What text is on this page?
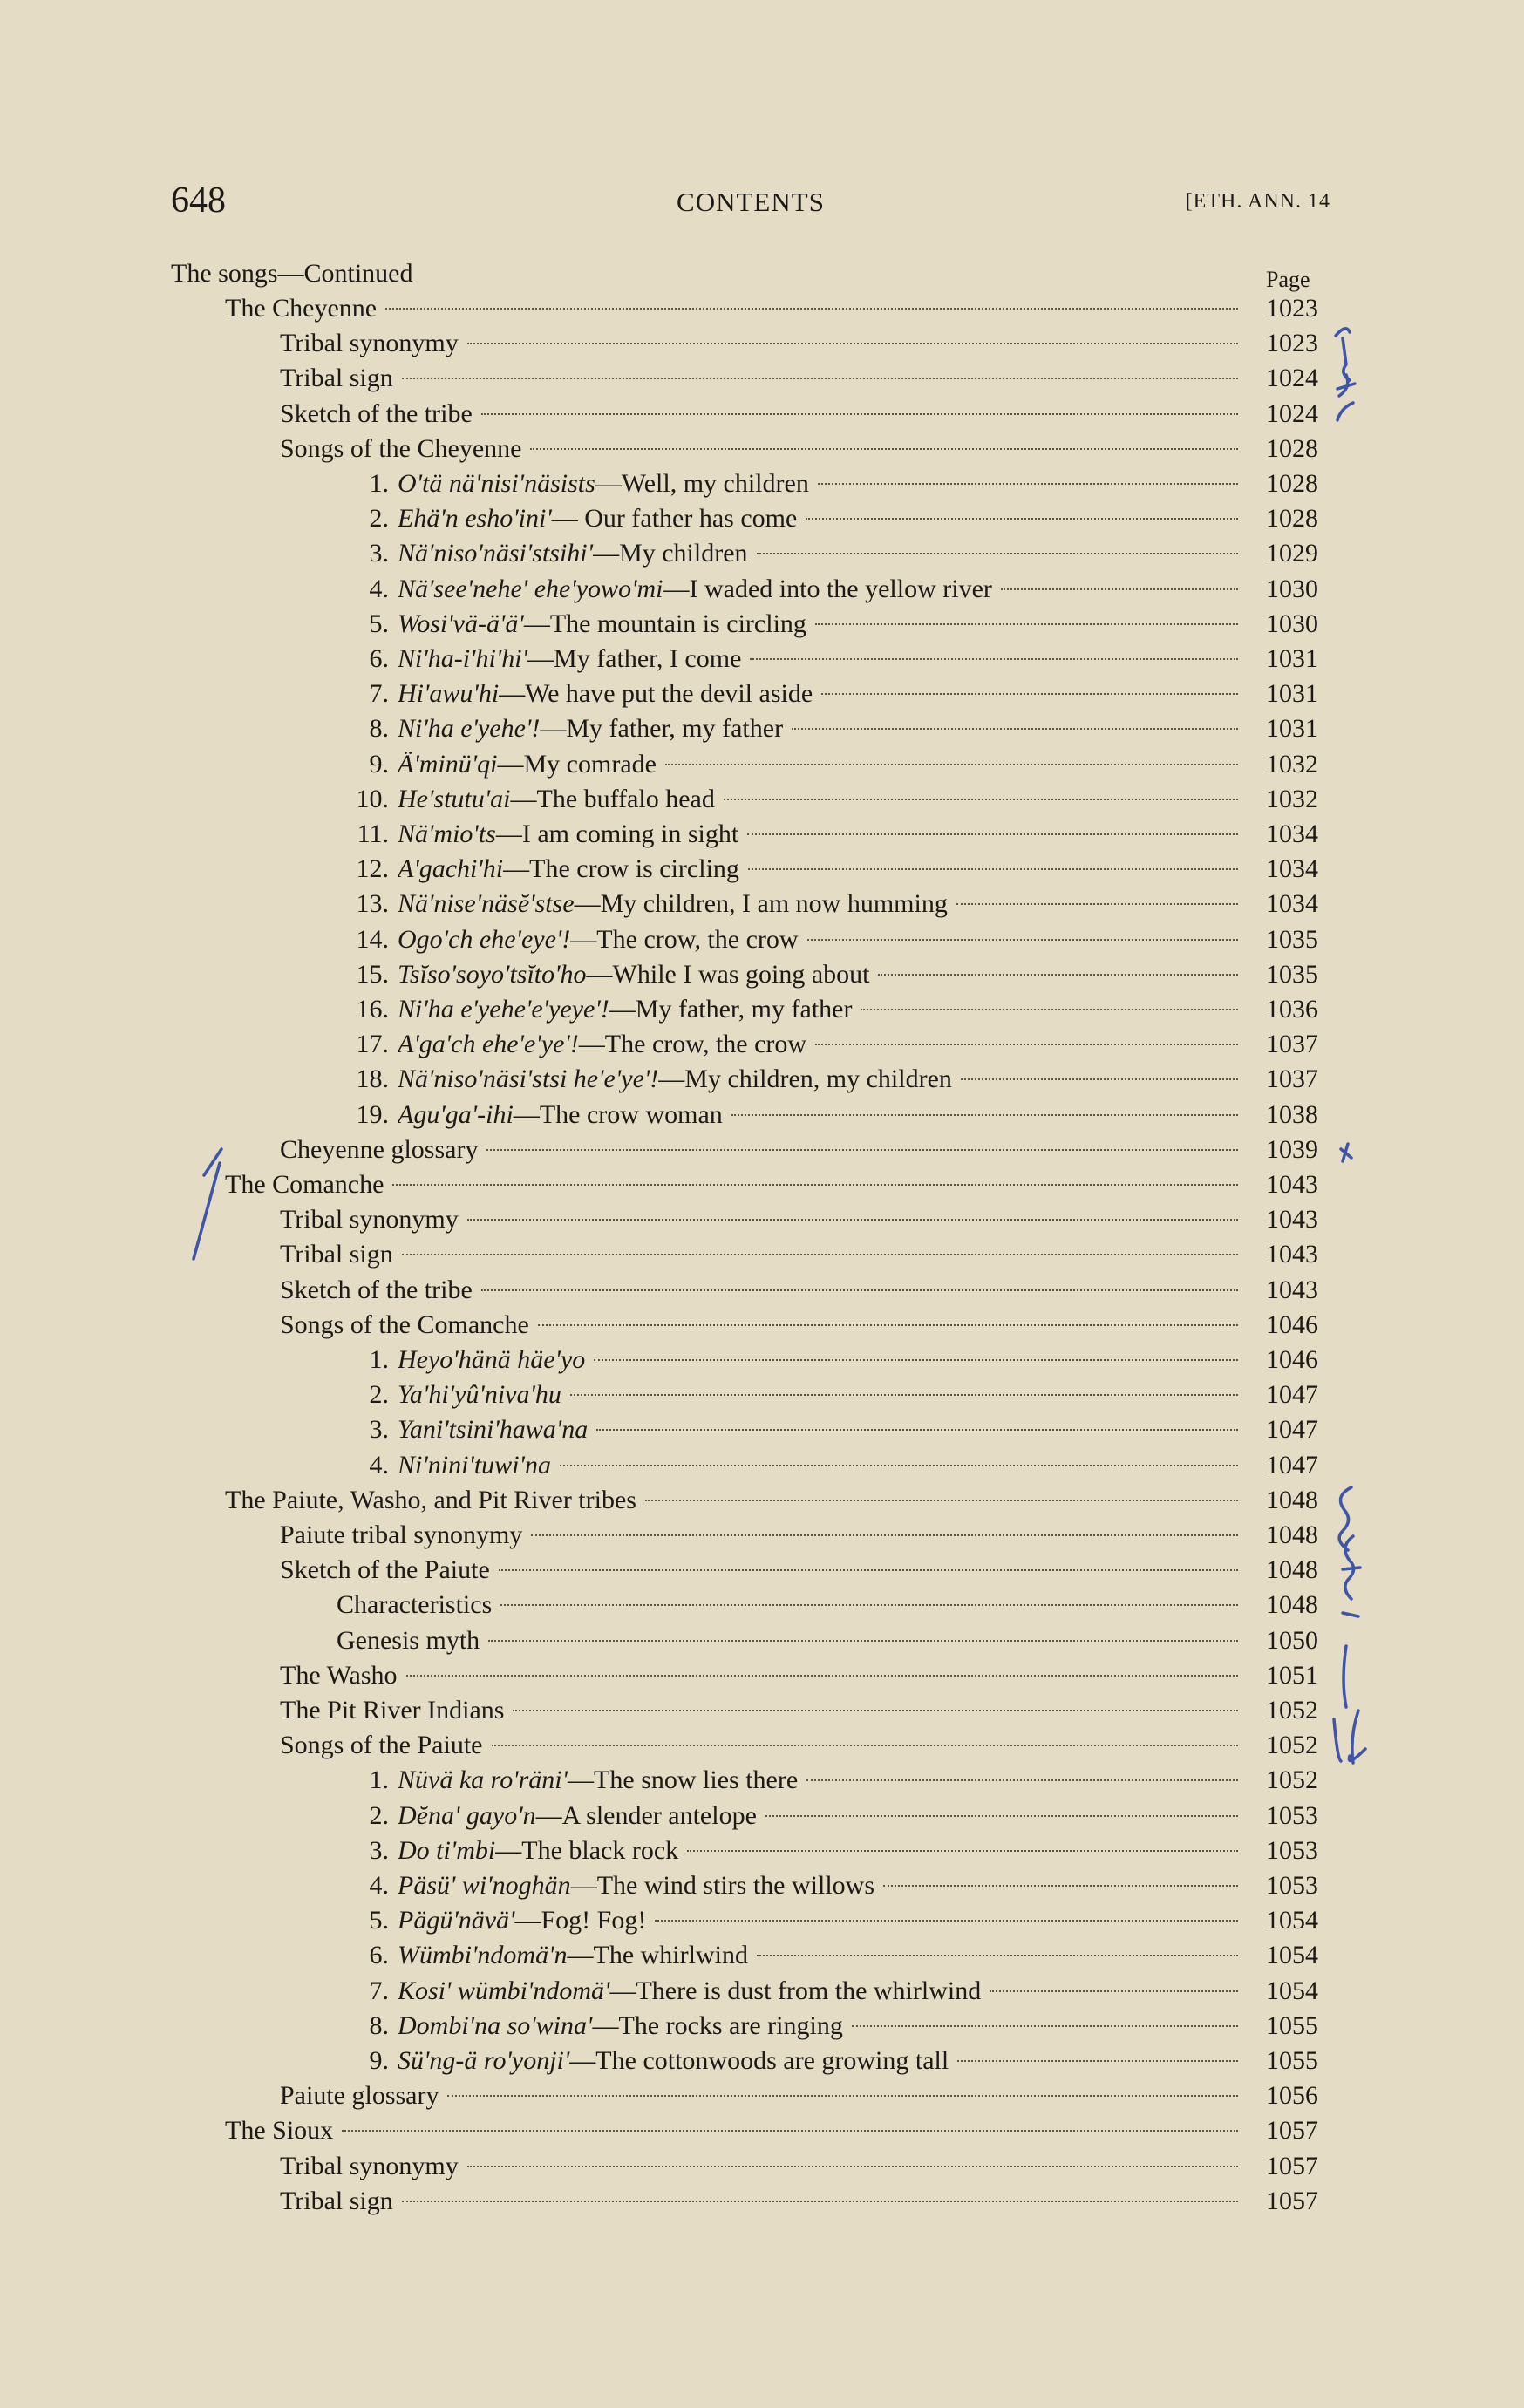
648	CONTENTS	[ETH. ANN. 14
The songs—Continued	Page
The Cheyenne	1023
Tribal synonymy	1023
Tribal sign	1024
Sketch of the tribe	1024
Songs of the Cheyenne	1028
1. O'tä nä'nisi'näsists—Well, my children	1028
2. Ehä'n esho'ini'— Our father has come	1028
3. Nä'niso'näsi'stsihi'—My children	1029
4. Nä'see'nehe' ehe'yowo'mi—I waded into the yellow river	1030
5. Wosi'vä-ä'ä'—The mountain is circling	1030
6. Ni'ha-i'hi'hi'—My father, I come	1031
7. Hi'awu'hi—We have put the devil aside	1031
8. Ni'ha e'yehe'!—My father, my father	1031
9. Ä'minü'qi—My comrade	1032
10. He'stutu'ai—The buffalo head	1032
11. Nä'mio'ts—I am coming in sight	1034
12. A'gachi'hi—The crow is circling	1034
13. Nä'nise'näsĕ'stse—My children, I am now humming	1034
14. Ogo'ch ehe'eye'!—The crow, the crow	1035
15. Tsĭso'soyo'tsĭto'ho—While I was going about	1035
16. Ni'ha e'yehe'e'yeye'!—My father, my father	1036
17. A'ga'ch ehe'e'ye'!—The crow, the crow	1037
18. Nä'niso'näsi'stsi he'e'ye'!—My children, my children	1037
19. Agu'ga'-ihi—The crow woman	1038
Cheyenne glossary	1039
The Comanche	1043
Tribal synonymy	1043
Tribal sign	1043
Sketch of the tribe	1043
Songs of the Comanche	1046
1. Heyo'hänä häe'yo	1046
2. Ya'hi'yû'niva'hu	1047
3. Yani'tsini'hawa'na	1047
4. Ni'nini'tuwi'na	1047
The Paiute, Washo, and Pit River tribes	1048
Paiute tribal synonymy	1048
Sketch of the Paiute	1048
Characteristics	1048
Genesis myth	1050
The Washo	1051
The Pit River Indians	1052
Songs of the Paiute	1052
1. Nüvä ka ro'räni'—The snow lies there	1052
2. Dĕna' gayo'n—A slender antelope	1053
3. Do ti'mbi—The black rock	1053
4. Päsü' wi'noghän—The wind stirs the willows	1053
5. Pägü'nävä'—Fog! Fog!	1054
6. Wümbi'ndomä'n—The whirlwind	1054
7. Kosi' wümbi'ndomä'—There is dust from the whirlwind	1054
8. Dombi'na so'wina'—The rocks are ringing	1055
9. Sü'ng-ä ro'yonji'—The cottonwoods are growing tall	1055
Paiute glossary	1056
The Sioux	1057
Tribal synonymy	1057
Tribal sign	1057
